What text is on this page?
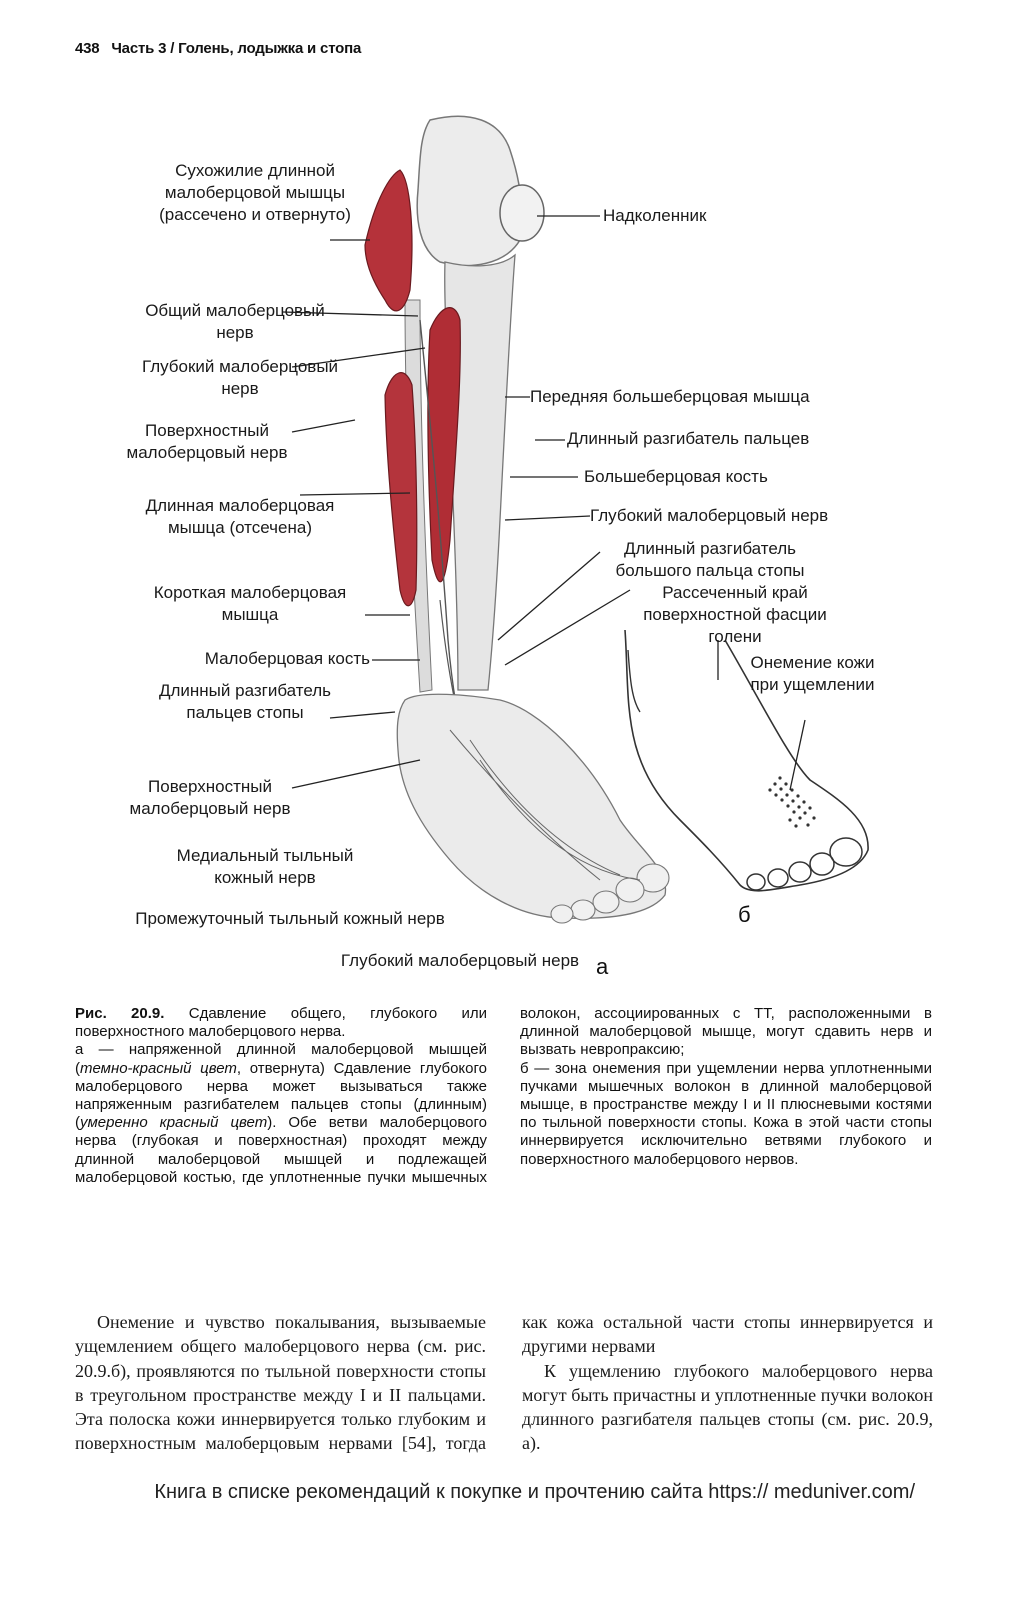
438 Часть 3 / Голень, лодыжка и стопа
Сухожилие длинной малоберцовой мышцы (рассечено и отвернуто)
Общий малоберцовый нерв
Глубокий малоберцовый нерв
Поверхностный малоберцовый нерв
Длинная малоберцовая мышца (отсечена)
Короткая малоберцовая мышца
Малоберцовая кость
Длинный разгибатель пальцев стопы
Поверхностный малоберцовый нерв
Медиальный тыльный кожный нерв
Промежуточный тыльный кожный нерв
Глубокий малоберцовый нерв
Надколенник
Передняя большеберцовая мышца
Длинный разгибатель пальцев
Большеберцовая кость
Глубокий малоберцовый нерв
Длинный разгибатель большого пальца стопы
Рассеченный край поверхностной фасции голени
Онемение кожи при ущемлении
а
б
Рис. 20.9. Сдавление общего, глубокого или поверхностного малоберцового нерва.
а — напряженной длинной малоберцовой мышцей (темно-красный цвет, отвернута) Сдавление глубокого малоберцового нерва может вызываться также напряженным разгибателем пальцев стопы (длинным) (умеренно красный цвет). Обе ветви малоберцового нерва (глубокая и поверхностная) проходят между длинной малоберцовой мышцей и подлежащей малоберцовой костью, где уплотненные пучки мышечных волокон, ассоциированных с ТТ, расположенными в длинной малоберцовой мышце, могут сдавить нерв и вызвать невропраксию;
б — зона онемения при ущемлении нерва уплотненными пучками мышечных волокон в длинной малоберцовой мышце, в пространстве между I и II плюсневыми костями по тыльной поверхности стопы. Кожа в этой части стопы иннервируется исключительно ветвями глубокого и поверхностного малоберцового нервов.
Онемение и чувство покалывания, вызываемые ущемлением общего малоберцового нерва (см. рис. 20.9.б), проявляются по тыльной поверхности стопы в треугольном пространстве между I и II пальцами. Эта полоска кожи иннервируется только глубоким и поверхностным малоберцовым нервами [54], тогда как кожа остальной части стопы иннервируется и другими нервами
К ущемлению глубокого малоберцового нерва могут быть причастны и уплотненные пучки волокон длинного разгибателя пальцев стопы (см. рис. 20.9, а).
Книга в списке рекомендаций к покупке и прочтению сайта https:// meduniver.com/
